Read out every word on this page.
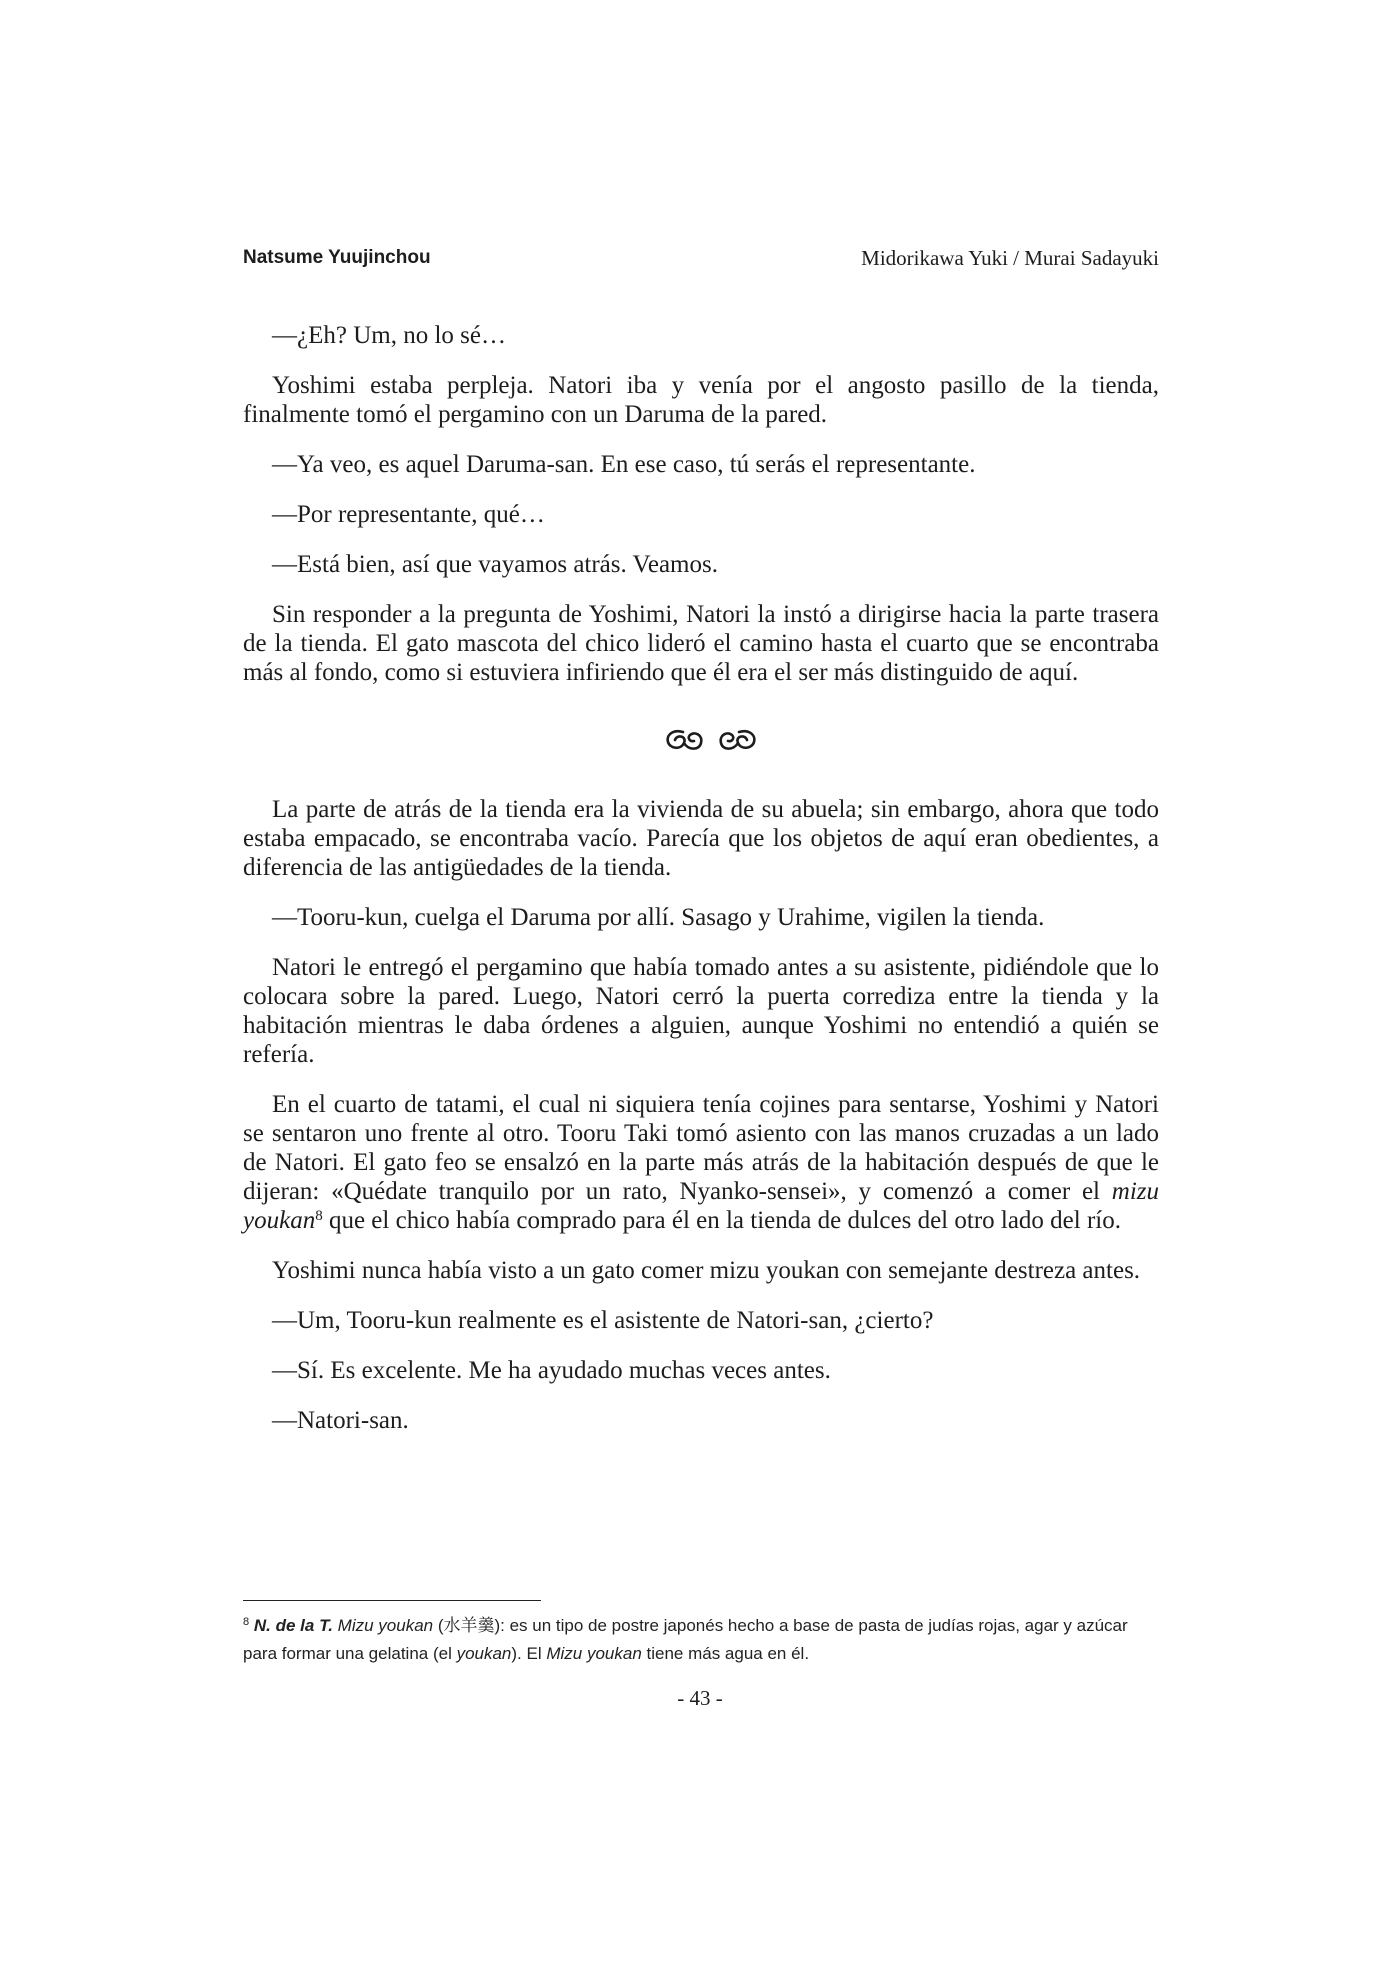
Natsume Yuujinchou	Midorikawa Yuki / Murai Sadayuki

—¿Eh? Um, no lo sé…

Yoshimi estaba perpleja. Natori iba y venía por el angosto pasillo de la tienda, finalmente tomó el pergamino con un Daruma de la pared.

—Ya veo, es aquel Daruma-san. En ese caso, tú serás el representante.

—Por representante, qué…

—Está bien, así que vayamos atrás. Veamos.

Sin responder a la pregunta de Yoshimi, Natori la instó a dirigirse hacia la parte trasera de la tienda. El gato mascota del chico lideró el camino hasta el cuarto que se encontraba más al fondo, como si estuviera infiriendo que él era el ser más distinguido de aquí.

La parte de atrás de la tienda era la vivienda de su abuela; sin embargo, ahora que todo estaba empacado, se encontraba vacío. Parecía que los objetos de aquí eran obedientes, a diferencia de las antigüedades de la tienda.

—Tooru-kun, cuelga el Daruma por allí. Sasago y Urahime, vigilen la tienda.

Natori le entregó el pergamino que había tomado antes a su asistente, pidiéndole que lo colocara sobre la pared. Luego, Natori cerró la puerta corrediza entre la tienda y la habitación mientras le daba órdenes a alguien, aunque Yoshimi no entendió a quién se refería.

En el cuarto de tatami, el cual ni siquiera tenía cojines para sentarse, Yoshimi y Natori se sentaron uno frente al otro. Tooru Taki tomó asiento con las manos cruzadas a un lado de Natori. El gato feo se ensalzó en la parte más atrás de la habitación después de que le dijeran: «Quédate tranquilo por un rato, Nyanko-sensei», y comenzó a comer el mizu youkan$^8$ que el chico había comprado para él en la tienda de dulces del otro lado del río.

Yoshimi nunca había visto a un gato comer mizu youkan con semejante destreza antes.

—Um, Tooru-kun realmente es el asistente de Natori-san, ¿cierto?

—Sí. Es excelente. Me ha ayudado muchas veces antes.

—Natori-san.

$^8$ N. de la T. Mizu youkan (水羊羹): es un tipo de postre japonés hecho a base de pasta de judías rojas, agar y azúcar para formar una gelatina (el youkan). El Mizu youkan tiene más agua en él.
- 43 -
